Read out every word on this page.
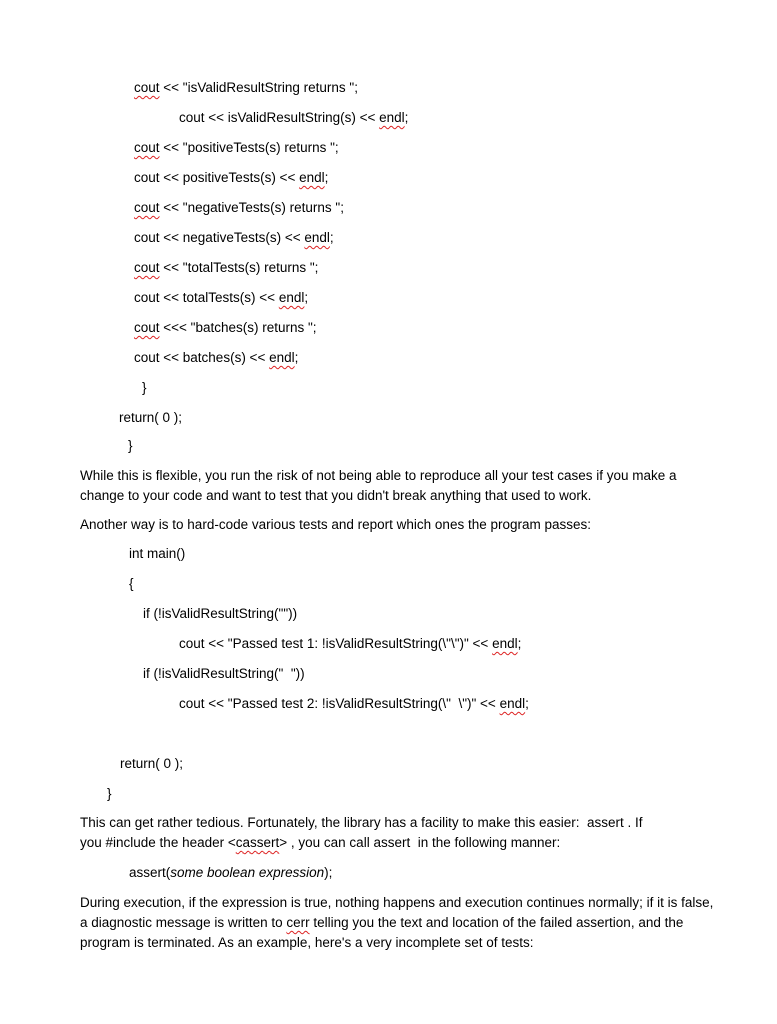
cout << "isValidResultString returns ";
cout << isValidResultString(s) << endl;
cout << "positiveTests(s) returns ";
cout << positiveTests(s) << endl;
cout << "negativeTests(s) returns ";
cout << negativeTests(s) << endl;
cout << "totalTests(s) returns ";
cout << totalTests(s) << endl;
cout <<< "batches(s) returns ";
cout << batches(s) << endl;
}
return( 0 );
}
While this is flexible, you run the risk of not being able to reproduce all your test cases if you make a change to your code and want to test that you didn't break anything that used to work.
Another way is to hard-code various tests and report which ones the program passes:
int main()
{
if (!isValidResultString(""))
cout << "Passed test 1: !isValidResultString(\"\")" << endl;
if (!isValidResultString("  "))
cout << "Passed test 2: !isValidResultString(\"  \")" << endl;
return( 0 );
}
This can get rather tedious. Fortunately, the library has a facility to make this easier:  assert . If
you #include the header <cassert> , you can call assert  in the following manner:
assert(some boolean expression);
During execution, if the expression is true, nothing happens and execution continues normally; if it is false, a diagnostic message is written to cerr telling you the text and location of the failed assertion, and the program is terminated. As an example, here's a very incomplete set of tests:
